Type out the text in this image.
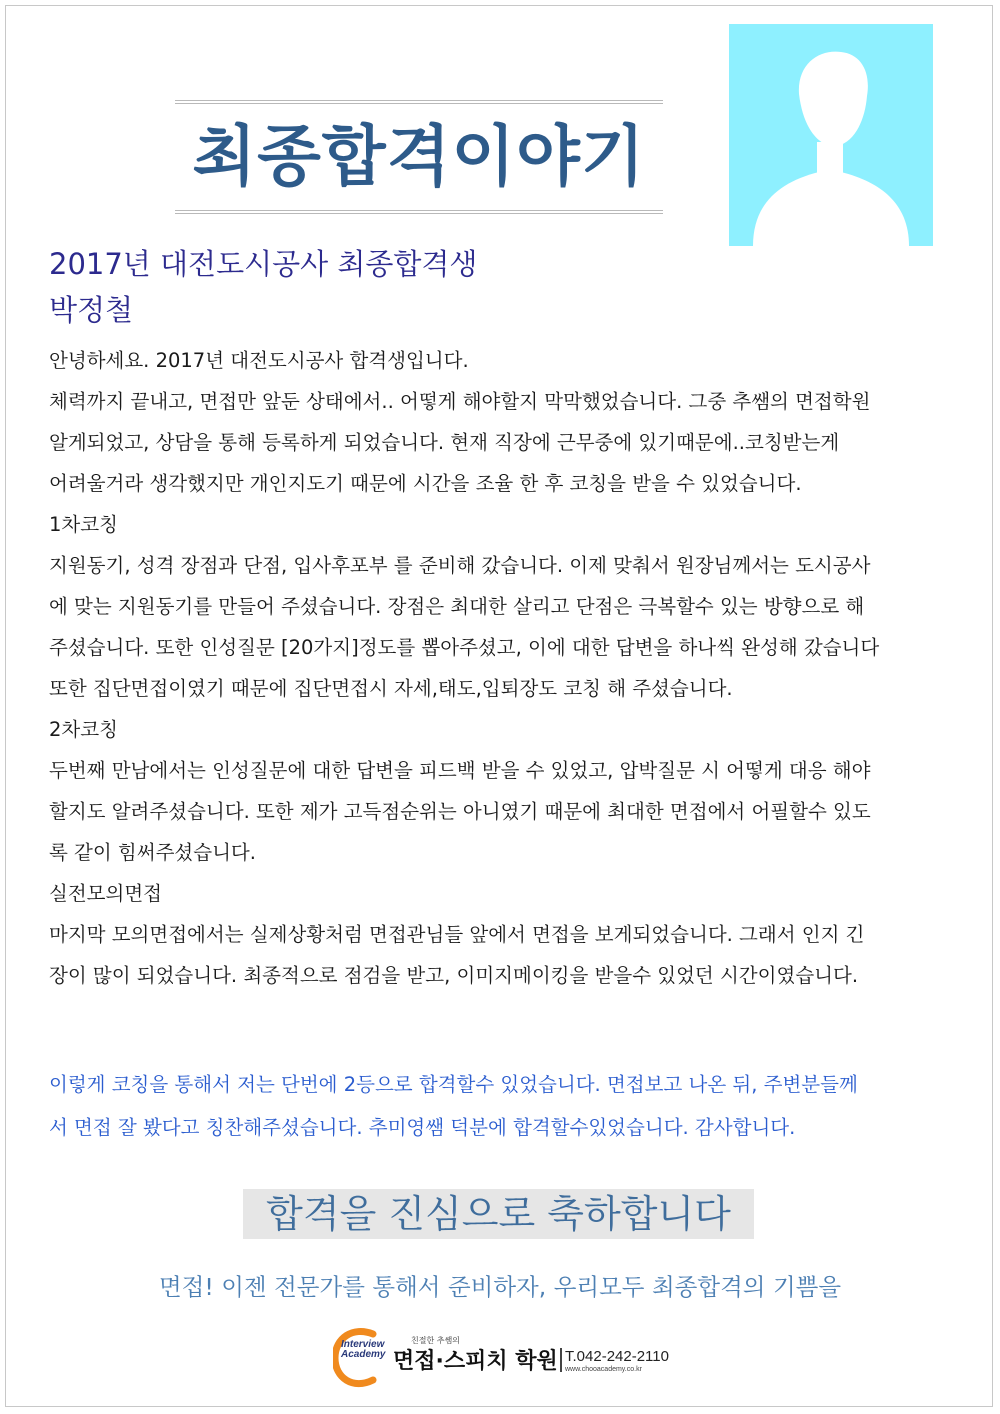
최종합격이야기
2017년 대전도시공사 최종합격생
박정철
안녕하세요. 2017년 대전도시공사 합격생입니다.
체력까지 끝내고, 면접만 앞둔 상태에서.. 어떻게 해야할지 막막했었습니다. 그중 추쌤의 면접학원
알게되었고, 상담을 통해 등록하게 되었습니다. 현재 직장에 근무중에 있기때문에..코칭받는게
어려울거라 생각했지만 개인지도기 때문에 시간을 조율 한 후 코칭을 받을 수 있었습니다.
1차코칭
지원동기, 성격 장점과 단점, 입사후포부 를 준비해 갔습니다. 이제 맞춰서 원장님께서는 도시공사
에 맞는 지원동기를 만들어 주셨습니다. 장점은 최대한 살리고 단점은 극복할수 있는 방향으로 해
주셨습니다. 또한 인성질문 [20가지]정도를 뽑아주셨고, 이에 대한 답변을 하나씩 완성해 갔습니다
또한 집단면접이였기 때문에 집단면접시 자세,태도,입퇴장도 코칭 해 주셨습니다.
2차코칭
두번째 만남에서는 인성질문에 대한 답변을 피드백 받을 수 있었고, 압박질문 시 어떻게 대응 해야
할지도 알려주셨습니다. 또한 제가 고득점순위는 아니였기 때문에 최대한 면접에서 어필할수 있도
록 같이 힘써주셨습니다.
실전모의면접
마지막 모의면접에서는 실제상황처럼 면접관님들 앞에서 면접을 보게되었습니다. 그래서 인지 긴
장이 많이 되었습니다. 최종적으로 점검을 받고, 이미지메이킹을 받을수 있었던 시간이였습니다.
이렇게 코칭을 통해서 저는 단번에 2등으로 합격할수 있었습니다. 면접보고 나온 뒤, 주변분들께
서 면접 잘 봤다고 칭찬해주셨습니다. 추미영쌤 덕분에 합격할수있었습니다. 감사합니다.
합격을 진심으로 축하합니다
면접! 이젠 전문가를 통해서 준비하자, 우리모두 최종합격의 기쁨을
Interview
Academy
친절한 추쌤의
면접·스피치 학원 T.042-242-2110
www.chooacademy.co.kr
